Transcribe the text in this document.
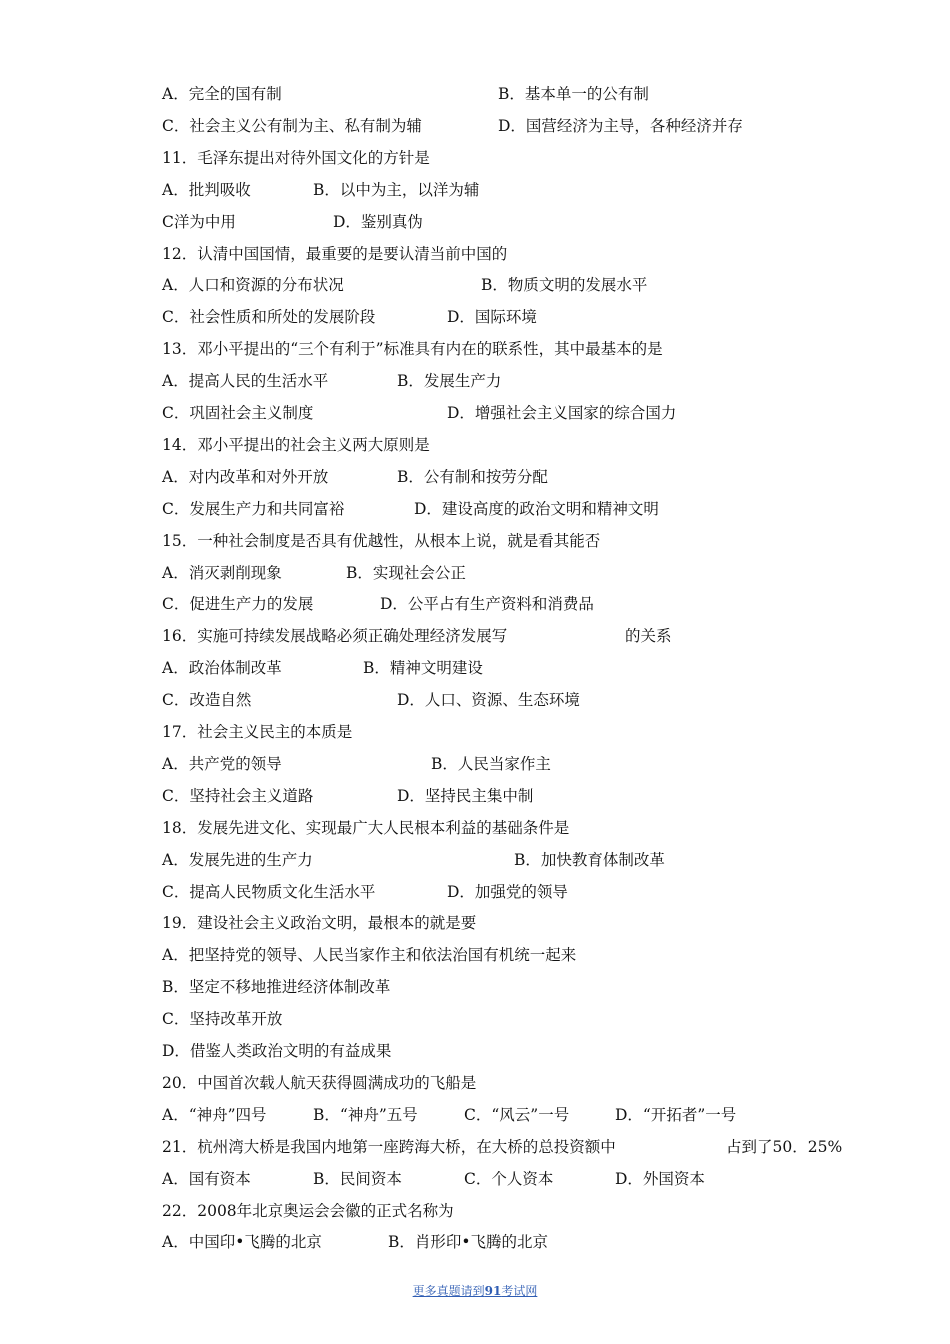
A．完全的国有制	B．基本单一的公有制
C．社会主义公有制为主、私有制为辅	D．国营经济为主导，各种经济并存
11．毛泽东提出对待外国文化的方针是
A．批判吸收	B．以中为主，以洋为辅
C洋为中用	D．鉴别真伪
12．认清中国国情，最重要的是要认清当前中国的
A．人口和资源的分布状况	B．物质文明的发展水平
C．社会性质和所处的发展阶段	D．国际环境
13．邓小平提出的“三个有利于”标准具有内在的联系性，其中最基本的是
A．提高人民的生活水平	B．发展生产力
C．巩固社会主义制度	D．增强社会主义国家的综合国力
14．邓小平提出的社会主义两大原则是
A．对内改革和对外开放	B．公有制和按劳分配
C．发展生产力和共同富裕	D．建设高度的政治文明和精神文明
15．一种社会制度是否具有优越性，从根本上说，就是看其能否
A．消灭剥削现象	B．实现社会公正
C．促进生产力的发展	D．公平占有生产资料和消费品
16．实施可持续发展战略必须正确处理经济发展写	的关系
A．政治体制改革	B．精神文明建设
C．改造自然	D．人口、资源、生态环境
17．社会主义民主的本质是
A．共产党的领导	B．人民当家作主
C．坚持社会主义道路	D．坚持民主集中制
18．发展先进文化、实现最广大人民根本利益的基础条件是
A．发展先进的生产力	B．加快教育体制改革
C．提高人民物质文化生活水平	D．加强党的领导
19．建设社会主义政治文明，最根本的就是要
A．把坚持党的领导、人民当家作主和依法治国有机统一起来
B．坚定不移地推进经济体制改革
C．坚持改革开放
D．借鉴人类政治文明的有益成果
20．中国首次载人航天获得圆满成功的飞船是
A．“神舟”四号	B．“神舟”五号	C．“风云”一号	D．“开拓者”一号
21．杭州湾大桥是我国内地第一座跨海大桥，在大桥的总投资额中	占到了50．25%
A．国有资本	B．民间资本	C．个人资本	D．外国资本
22．2008年北京奥运会会徽的正式名称为
A．中国印•飞腾的北京	B．肖形印•飞腾的北京
更多真题请到91考试网
